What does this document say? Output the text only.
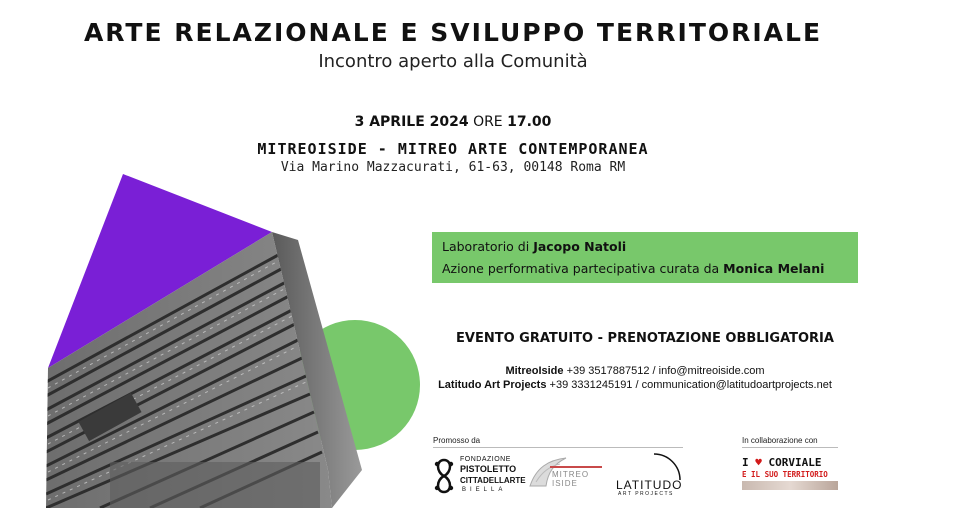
ARTE RELAZIONALE E SVILUPPO TERRITORIALE
Incontro aperto alla Comunità
3 APRILE 2024 ORE 17.00
MITREOISIDE - MITREO ARTE CONTEMPORANEA
Via Marino Mazzacurati, 61-63, 00148 Roma RM
Laboratorio di Jacopo Natoli
Azione performativa partecipativa curata da Monica Melani
EVENTO GRATUITO - PRENOTAZIONE OBBLIGATORIA
MitreoIside +39 3517887512 / info@mitreoiside.com
Latitudo Art Projects +39 3331245191 / communication@latitudoartprojects.net
Promosso da	In collaborazione con
FONDAZIONE
PISTOLETTO
CITTADELLARTE
BIELLA
MITREO ISIDE	LATITUDO
ART PROJECTS
I ♥ CORVIALE
E IL SUO TERRITORIO
